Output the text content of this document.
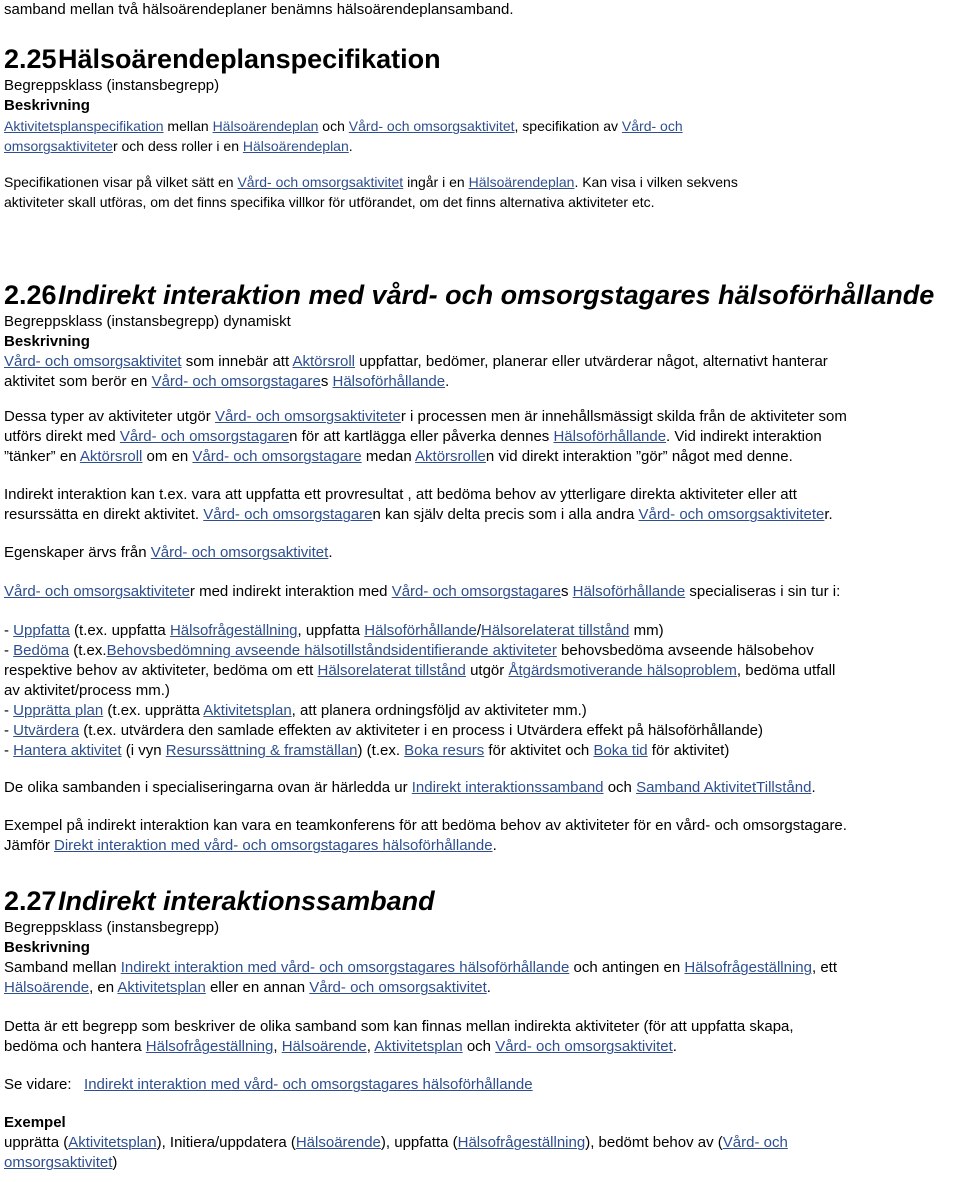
samband mellan två hälsoärendeplaner benämns hälsoärendeplansamband.

2.25Hälsoärendeplanspecifikation

Begreppsklass (instansbegrepp)

Beskrivning

Aktivitetsplanspecifikation mellan Hälsoärendeplan och Vård- och omsorgsaktivitet, specifikation av Vård- och
omsorgsaktiviteter och dess roller i en Hälsoärendeplan.

Specifikationen visar på vilket sätt en Vård- och omsorgsaktivitet ingår i en Hälsoärendeplan. Kan visa i vilken sekvens
aktiviteter skall utföras, om det finns specifika villkor för utförandet, om det finns alternativa aktiviteter etc.

2.26Indirekt interaktion med vård- och omsorgstagares hälsoförhållande

Begreppsklass (instansbegrepp) dynamiskt

Beskrivning

Vård- och omsorgsaktivitet som innebär att Aktörsroll uppfattar, bedömer, planerar eller utvärderar något, alternativt hanterar
aktivitet som berör en Vård- och omsorgstagares Hälsoförhållande.

Dessa typer av aktiviteter utgör Vård- och omsorgsaktiviteter i processen men är innehållsmässigt skilda från de aktiviteter som
utförs direkt med Vård- och omsorgstagaren för att kartlägga eller påverka dennes Hälsoförhållande. Vid indirekt interaktion
”tänker” en Aktörsroll om en Vård- och omsorgstagare medan Aktörsrollen vid direkt interaktion ”gör” något med denne.

Indirekt interaktion kan t.ex. vara att uppfatta ett provresultat , att bedöma behov av ytterligare direkta aktiviteter eller att
resurssätta en direkt aktivitet. Vård- och omsorgstagaren kan själv delta precis som i alla andra Vård- och omsorgsaktiviteter.

Egenskaper ärvs från Vård- och omsorgsaktivitet.

Vård- och omsorgsaktiviteter med indirekt interaktion med Vård- och omsorgstagares Hälsoförhållande specialiseras i sin tur i:

- Uppfatta (t.ex. uppfatta Hälsofrågeställning, uppfatta Hälsoförhållande/Hälsorelaterat tillstånd mm)

- Bedöma (t.ex.Behovsbedömning avseende hälsotillståndsidentifierande aktiviteter behovsbedöma avseende hälsobehov
respektive behov av aktiviteter, bedöma om ett Hälsorelaterat tillstånd utgör Åtgärdsmotiverande hälsoproblem, bedöma utfall
av aktivitet/process mm.)

- Upprätta plan (t.ex. upprätta Aktivitetsplan, att planera ordningsföljd av aktiviteter mm.)

- Utvärdera (t.ex. utvärdera den samlade effekten av aktiviteter i en process i Utvärdera effekt på hälsoförhållande)

- Hantera aktivitet (i vyn Resurssättning & framställan) (t.ex. Boka resurs för aktivitet och Boka tid för aktivitet)

De olika sambanden i specialiseringarna ovan är härledda ur Indirekt interaktionssamband och Samband AktivitetTillstånd.

Exempel på indirekt interaktion kan vara en teamkonferens för att bedöma behov av aktiviteter för en vård- och omsorgstagare.
Jämför Direkt interaktion med vård- och omsorgstagares hälsoförhållande.

2.27Indirekt interaktionssamband

Begreppsklass (instansbegrepp)

Beskrivning

Samband mellan Indirekt interaktion med vård- och omsorgstagares hälsoförhållande och antingen en Hälsofrågeställning, ett
Hälsoärende, en Aktivitetsplan eller en annan Vård- och omsorgsaktivitet.

Detta är ett begrepp som beskriver de olika samband som kan finnas mellan indirekta aktiviteter (för att uppfatta skapa,
bedöma och hantera Hälsofrågeställning, Hälsoärende, Aktivitetsplan och Vård- och omsorgsaktivitet.

Se vidare:   Indirekt interaktion med vård- och omsorgstagares hälsoförhållande

Exempel

upprätta (Aktivitetsplan), Initiera/uppdatera (Hälsoärende), uppfatta (Hälsofrågeställning), bedömt behov av (Vård- och
omsorgsaktivitet)
